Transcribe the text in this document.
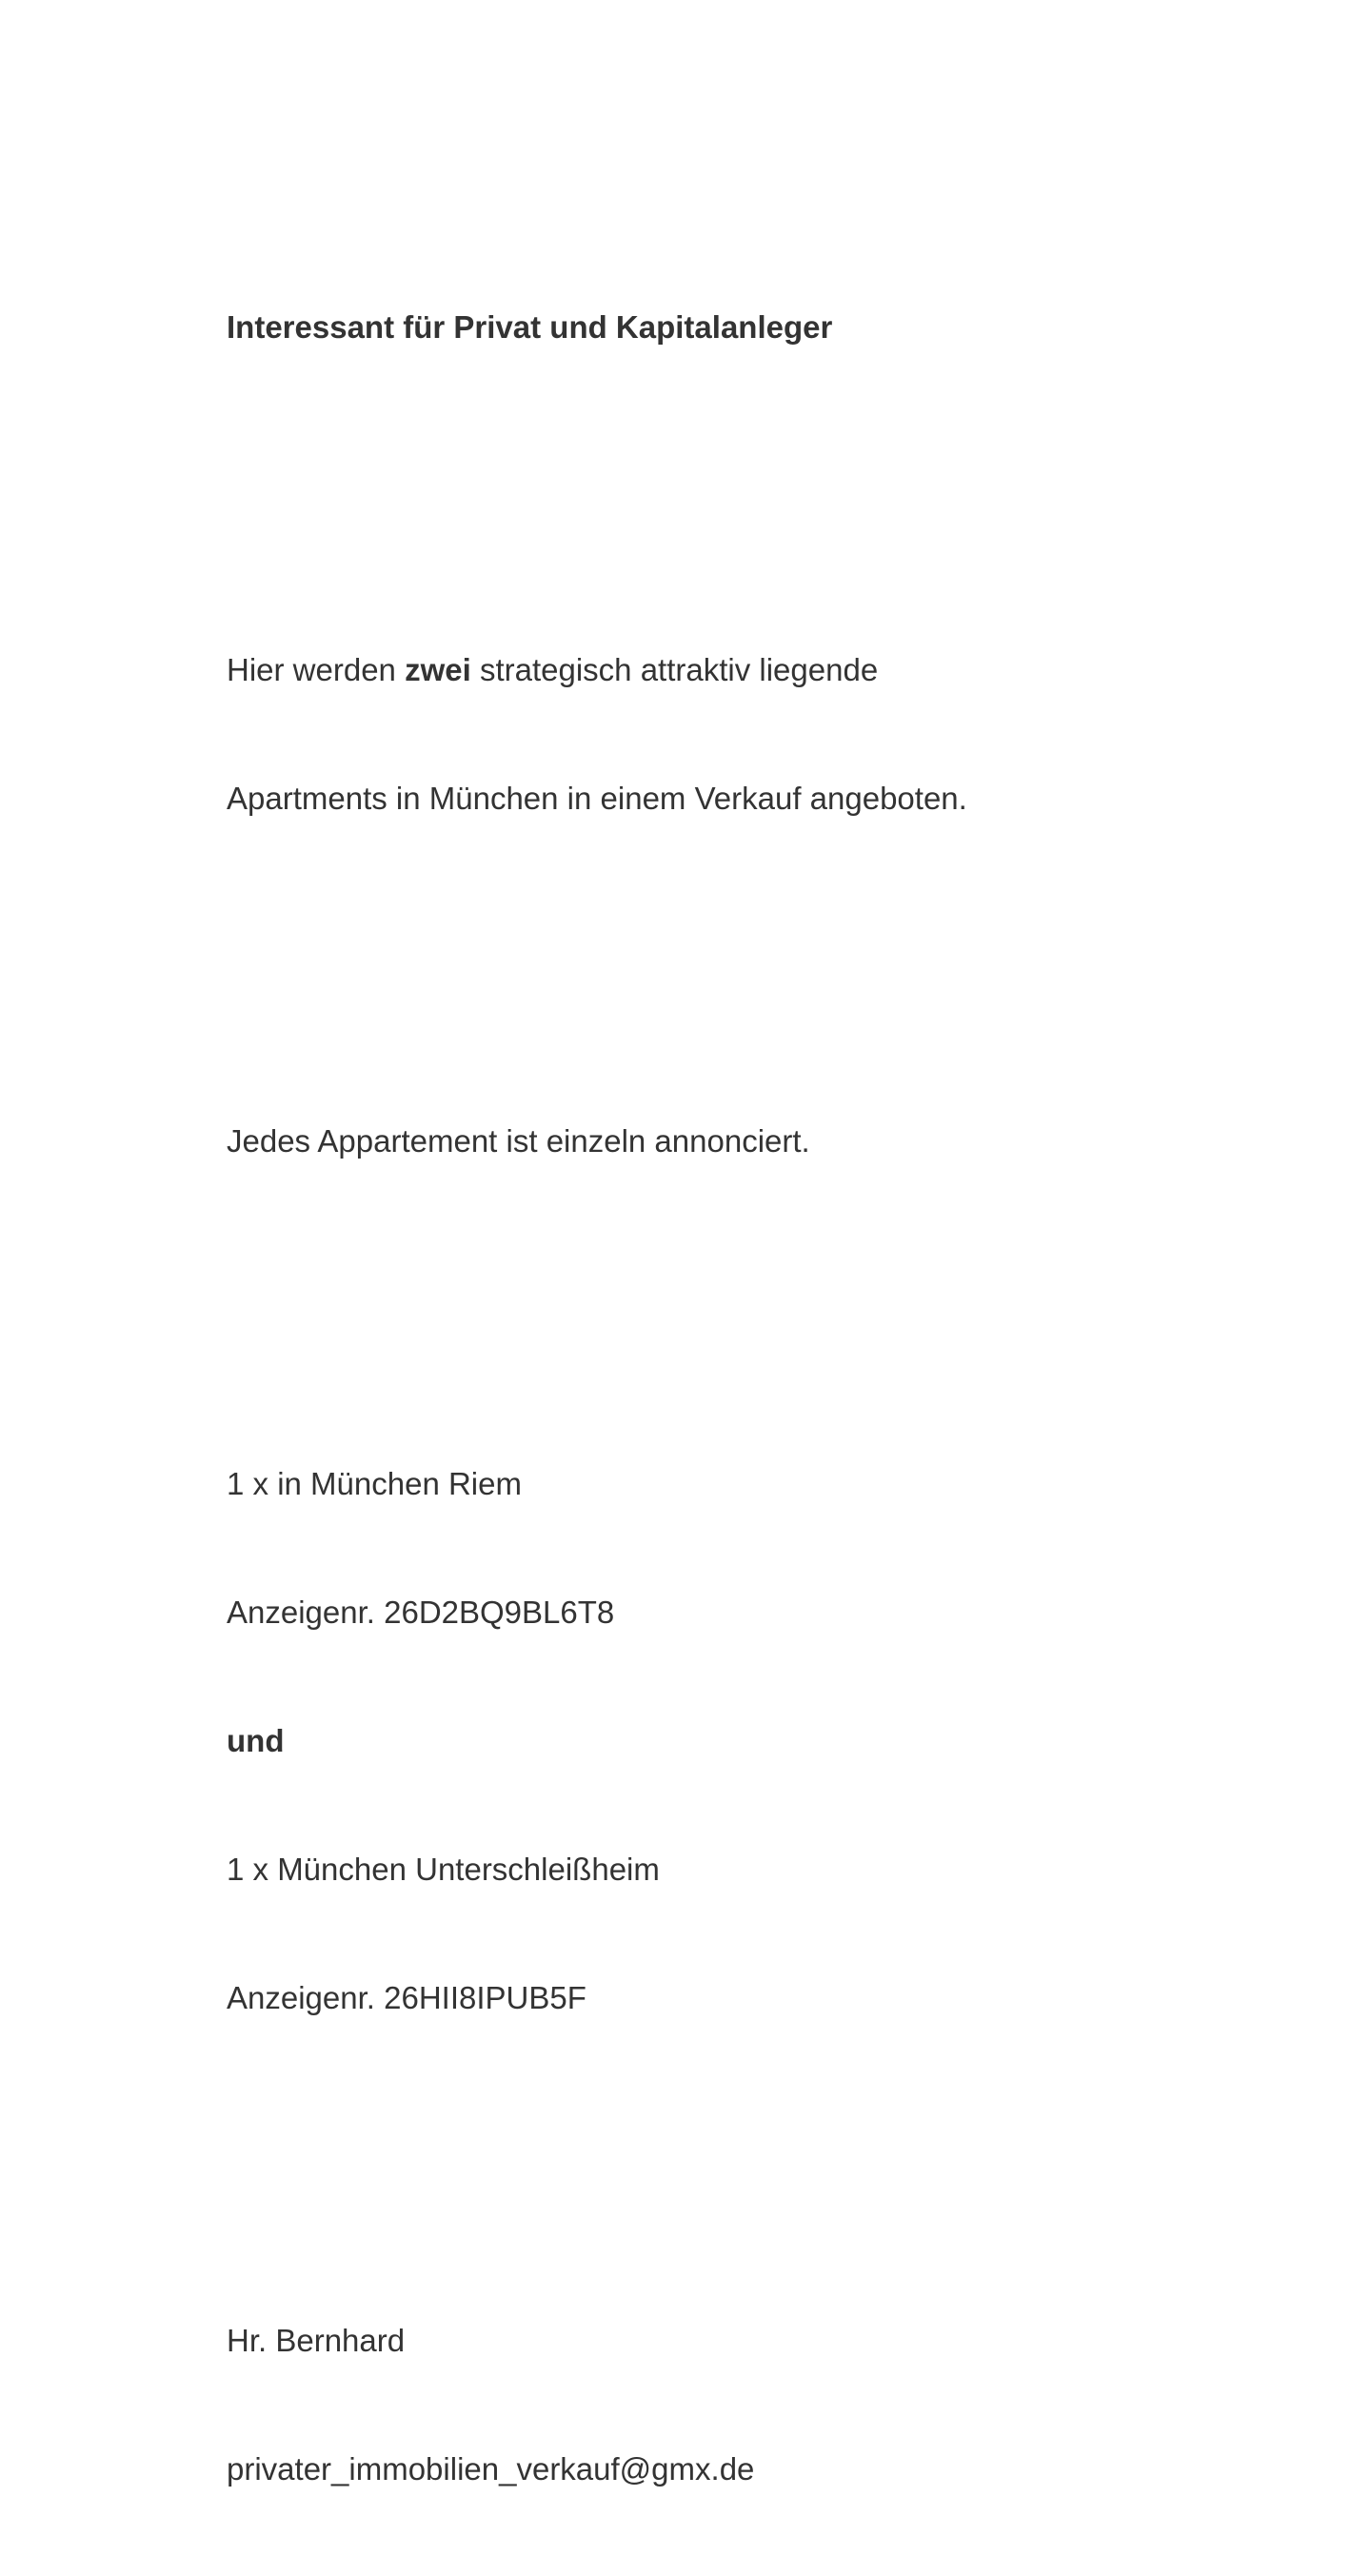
Interessant für Privat und Kapitalanleger

Hier werden zwei strategisch attraktiv liegende

Apartments in München in einem Verkauf angeboten.

Jedes Appartement ist einzeln annonciert.

1 x in München Riem

Anzeigenr. 26D2BQ9BL6T8

und

1 x München Unterschleißheim

Anzeigenr. 26HII8IPUB5F

Hr. Bernhard

privater_immobilien_verkauf@gmx.de
